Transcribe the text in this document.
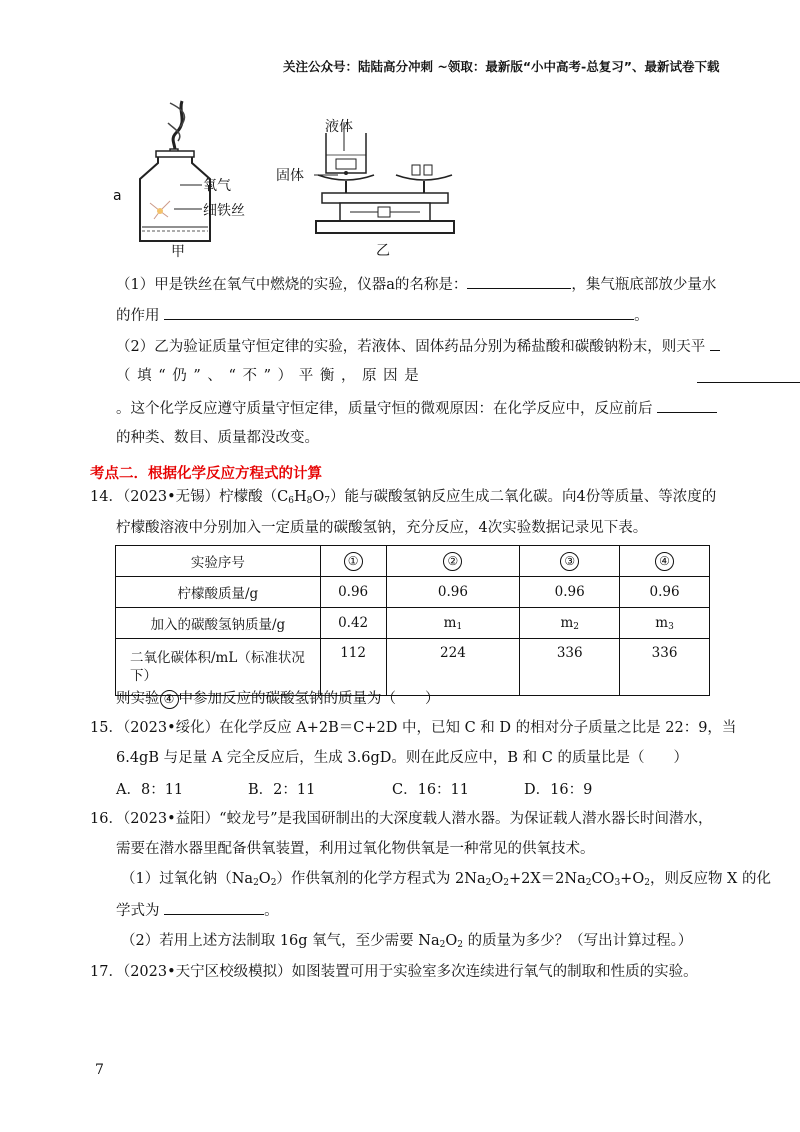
关注公众号：陆陆高分冲刺 ~领取：最新版“小中高考-总复习”、最新试卷下载
a
氧气
细铁丝
甲
液体
固体
乙
（1）甲是铁丝在氧气中燃烧的实验，仪器a的名称是：	，集气瓶底部放少量水
的作用	。
（2）乙为验证质量守恒定律的实验，若液体、固体药品分别为稀盐酸和碳酸钠粉末，则天平
（ 填 “ 仍 ” 、 “ 不 ” ） 平 衡 ， 原 因 是
。这个化学反应遵守质量守恒定律，质量守恒的微观原因：在化学反应中，反应前后
的种类、数目、质量都没改变。
考点二．根据化学反应方程式的计算
14．（2023•无锡）柠檬酸$(C_6H_8O_7)$能与碳酸氢钠反应生成二氧化碳。向4份等质量、等浓度的
柠檬酸溶液中分别加入一定质量的碳酸氢钠，充分反应，4次实验数据记录见下表。
实验序号	①	②	③	④
柠檬酸质量/g	0.96	0.96	0.96	0.96
加入的碳酸氢钠质量/g	0.42	$m_1$	$m_2$	$m_3$
二氧化碳体积/mL（标准状况下）	112	224	336	336
则实验 ④ 中参加反应的碳酸氢钠的质量为（　　）
15．（2023•绥化）在化学反应 A+2B＝C+2D 中，已知 C 和 D 的相对分子质量之比是 22：9，当
6.4gB 与足量 A 完全反应后，生成 3.6gD。则在此反应中，B 和 C 的质量比是（　　）
A．8：11	B．2：11	C．16：11	D．16：9
16．（2023•益阳）“蛟龙号”是我国研制出的大深度载人潜水器。为保证载人潜水器长时间潜水，
需要在潜水器里配备供氧装置，利用过氧化物供氧是一种常见的供氧技术。
（1）过氧化钠$(Na_2O_2)$作供氧剂的化学方程式为 $2Na_2O_2+2X=2Na_2CO_3+O_2$，则反应物 X 的化
学式为	。
（2）若用上述方法制取 16g 氧气，至少需要 $Na_2O_2$ 的质量为多少？（写出计算过程。）
17．（2023•天宁区校级模拟）如图装置可用于实验室多次连续进行氧气的制取和性质的实验。
7
